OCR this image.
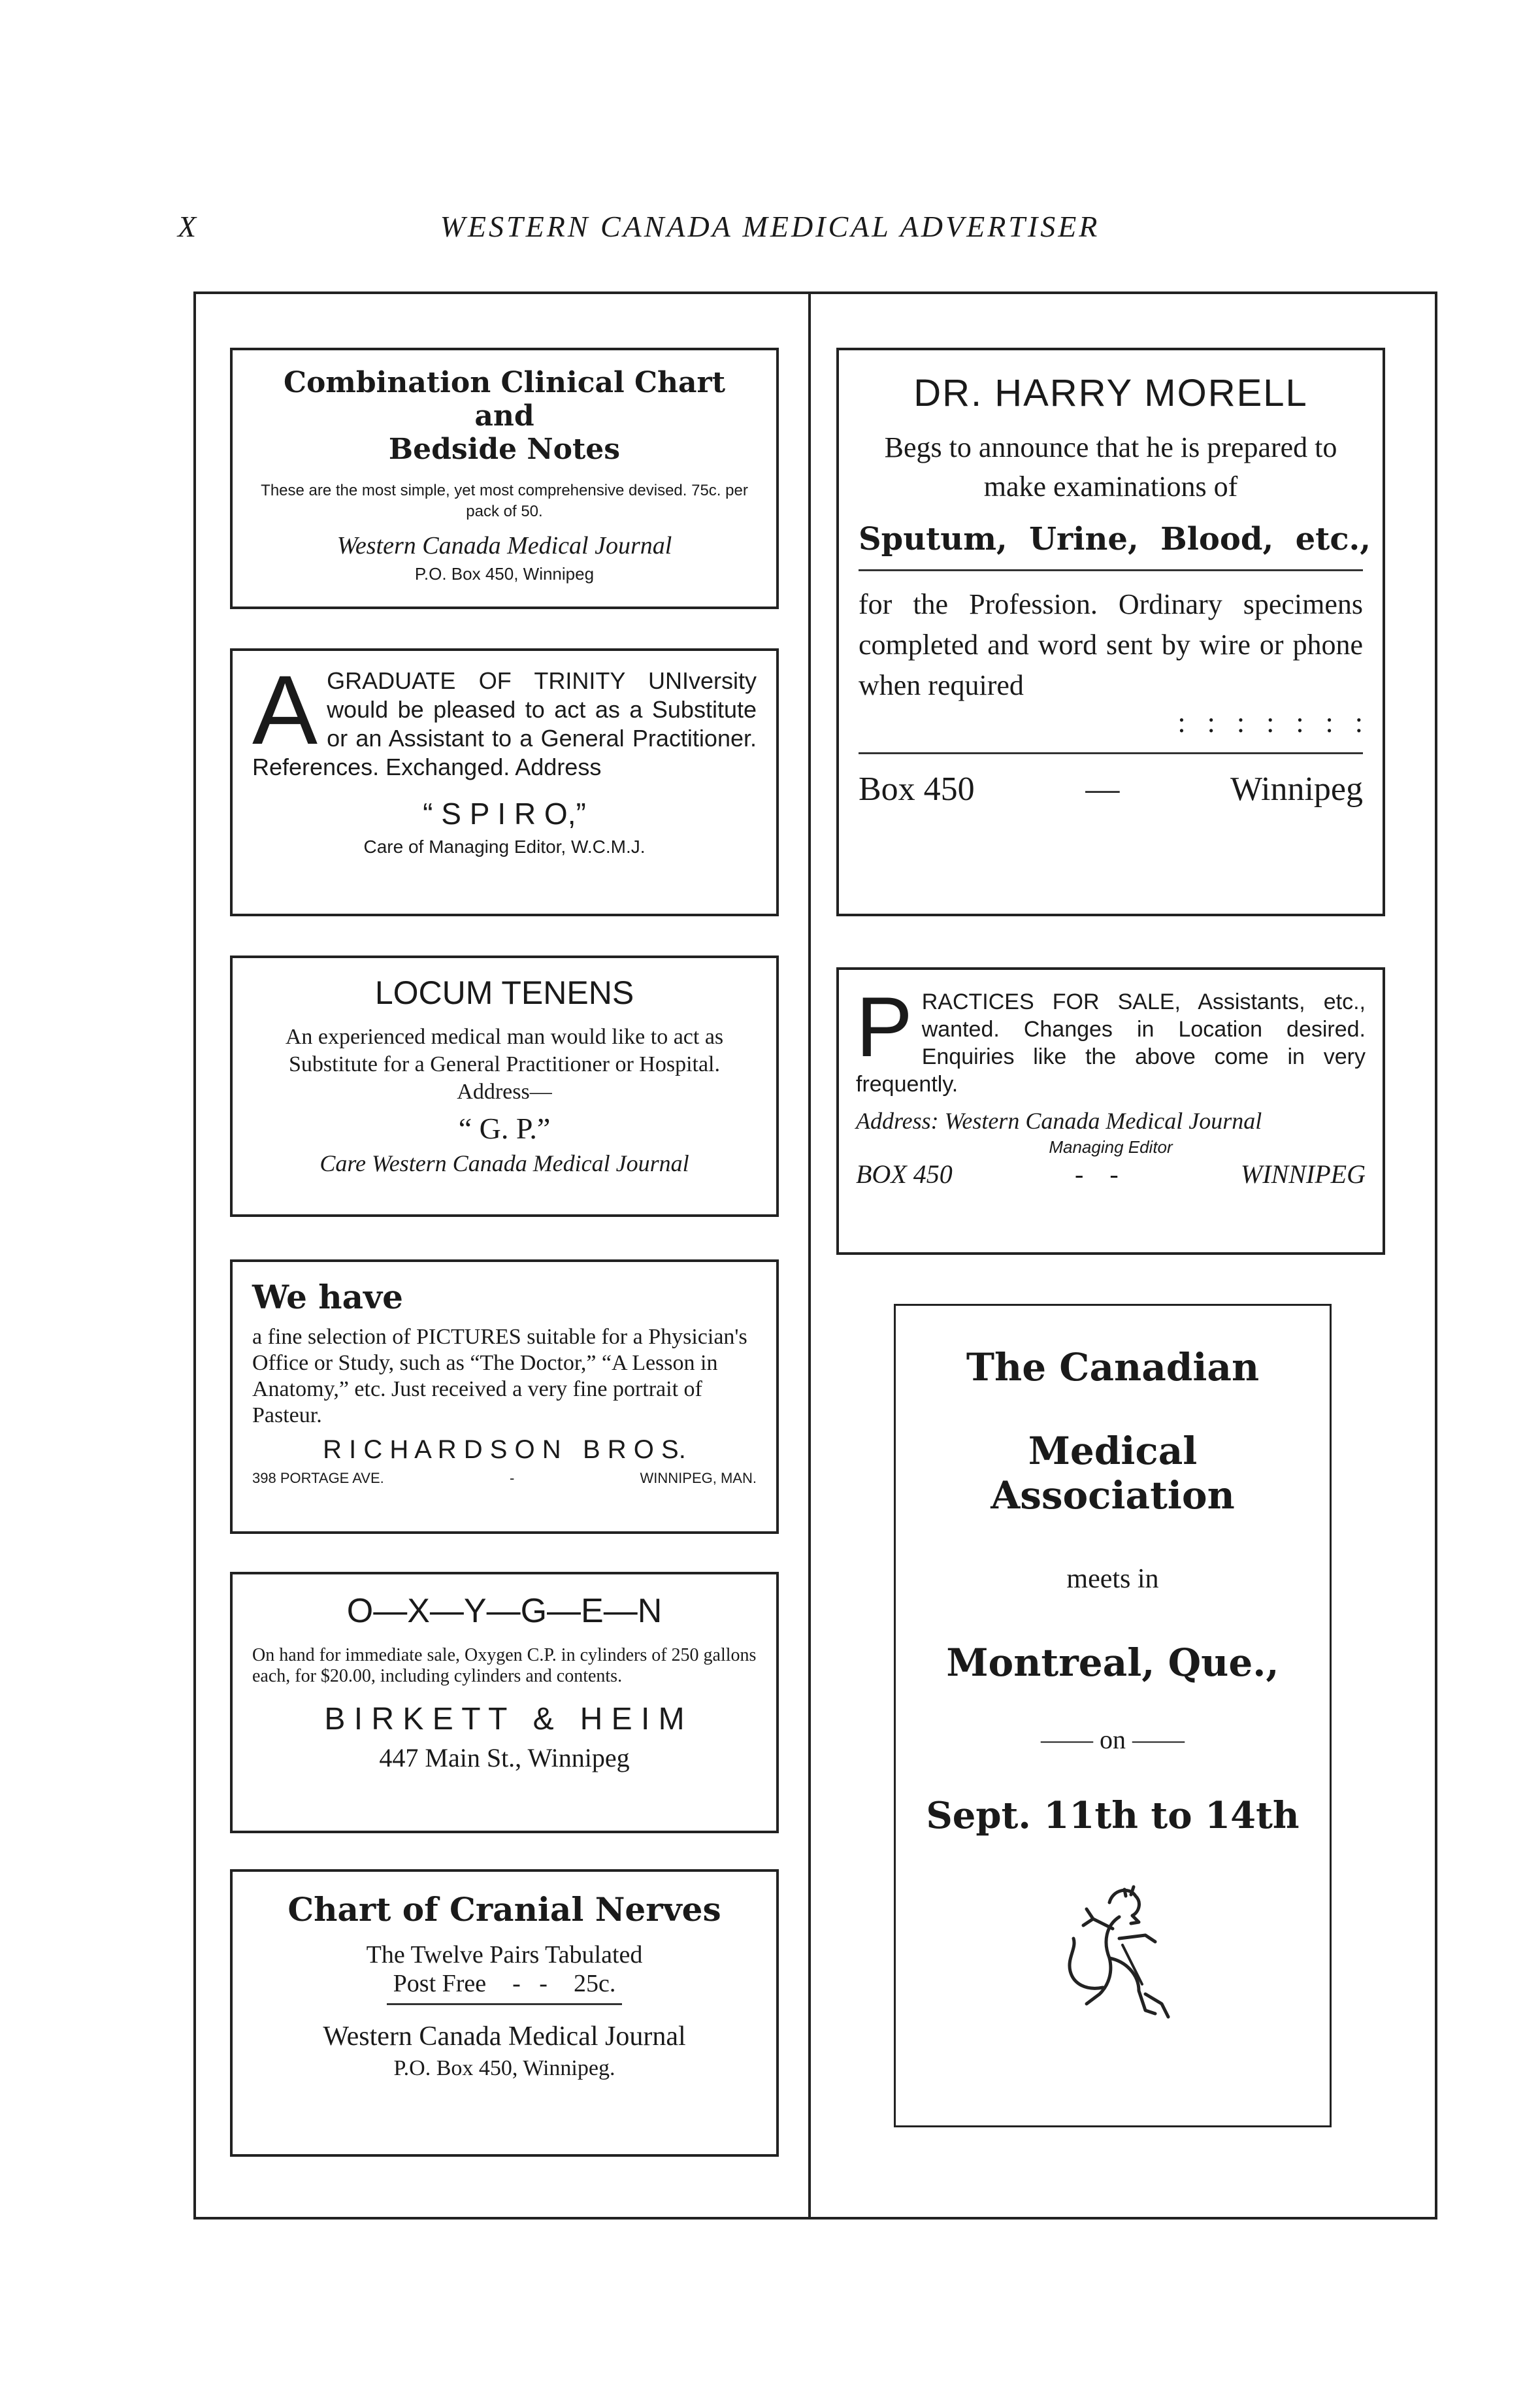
X	WESTERN CANADA MEDICAL ADVERTISER
Combination Clinical Chart and
Bedside Notes
These are the most simple, yet most comprehensive devised. 75c. per pack of 50.
Western Canada Medical Journal
P.O. Box 450, Winnipeg
A GRADUATE OF TRINITY UNIversity would be pleased to act as a Substitute or an Assistant to a General Practitioner. References. Exchanged. Address
“ S P I R O,”
Care of Managing Editor, W.C.M.J.
LOCUM TENENS
An experienced medical man would like to act as Substitute for a General Practitioner or Hospital. Address—
“ G. P.”
Care Western Canada Medical Journal
We have
a fine selection of PICTURES suitable for a Physician's Office or Study, such as “The Doctor,” “A Lesson in Anatomy,” etc. Just received a very fine portrait of Pasteur.
R I C H A R D S O N   B R O S.
398 PORTAGE AVE.	-	WINNIPEG, MAN.
O—X—Y—G—E—N
On hand for immediate sale, Oxygen C.P. in cylinders of 250 gallons each, for $20.00, including cylinders and contents.
B I R K E T T   &   H E I M
447 Main St., Winnipeg
Chart of Cranial Nerves
The Twelve Pairs Tabulated
Post Free -   - 25c.
Western Canada Medical Journal
P.O. Box 450, Winnipeg.
DR. HARRY MORELL
Begs to announce that he is prepared to make examinations of
Sputum,  Urine,  Blood,  etc.,
for the Profession. Ordinary specimens completed and word sent by wire or phone when required
:   :   :   :   :   :   :
Box 450	—	Winnipeg
P RACTICES FOR SALE, Assistants, etc., wanted. Changes in Location desired. Enquiries like the above come in very frequently.
Address: Western Canada Medical Journal
Managing Editor
BOX 450	-    -	WINNIPEG
The Canadian
Medical Association
meets in
Montreal, Que.,
—— on ——
Sept. 11th to 14th
